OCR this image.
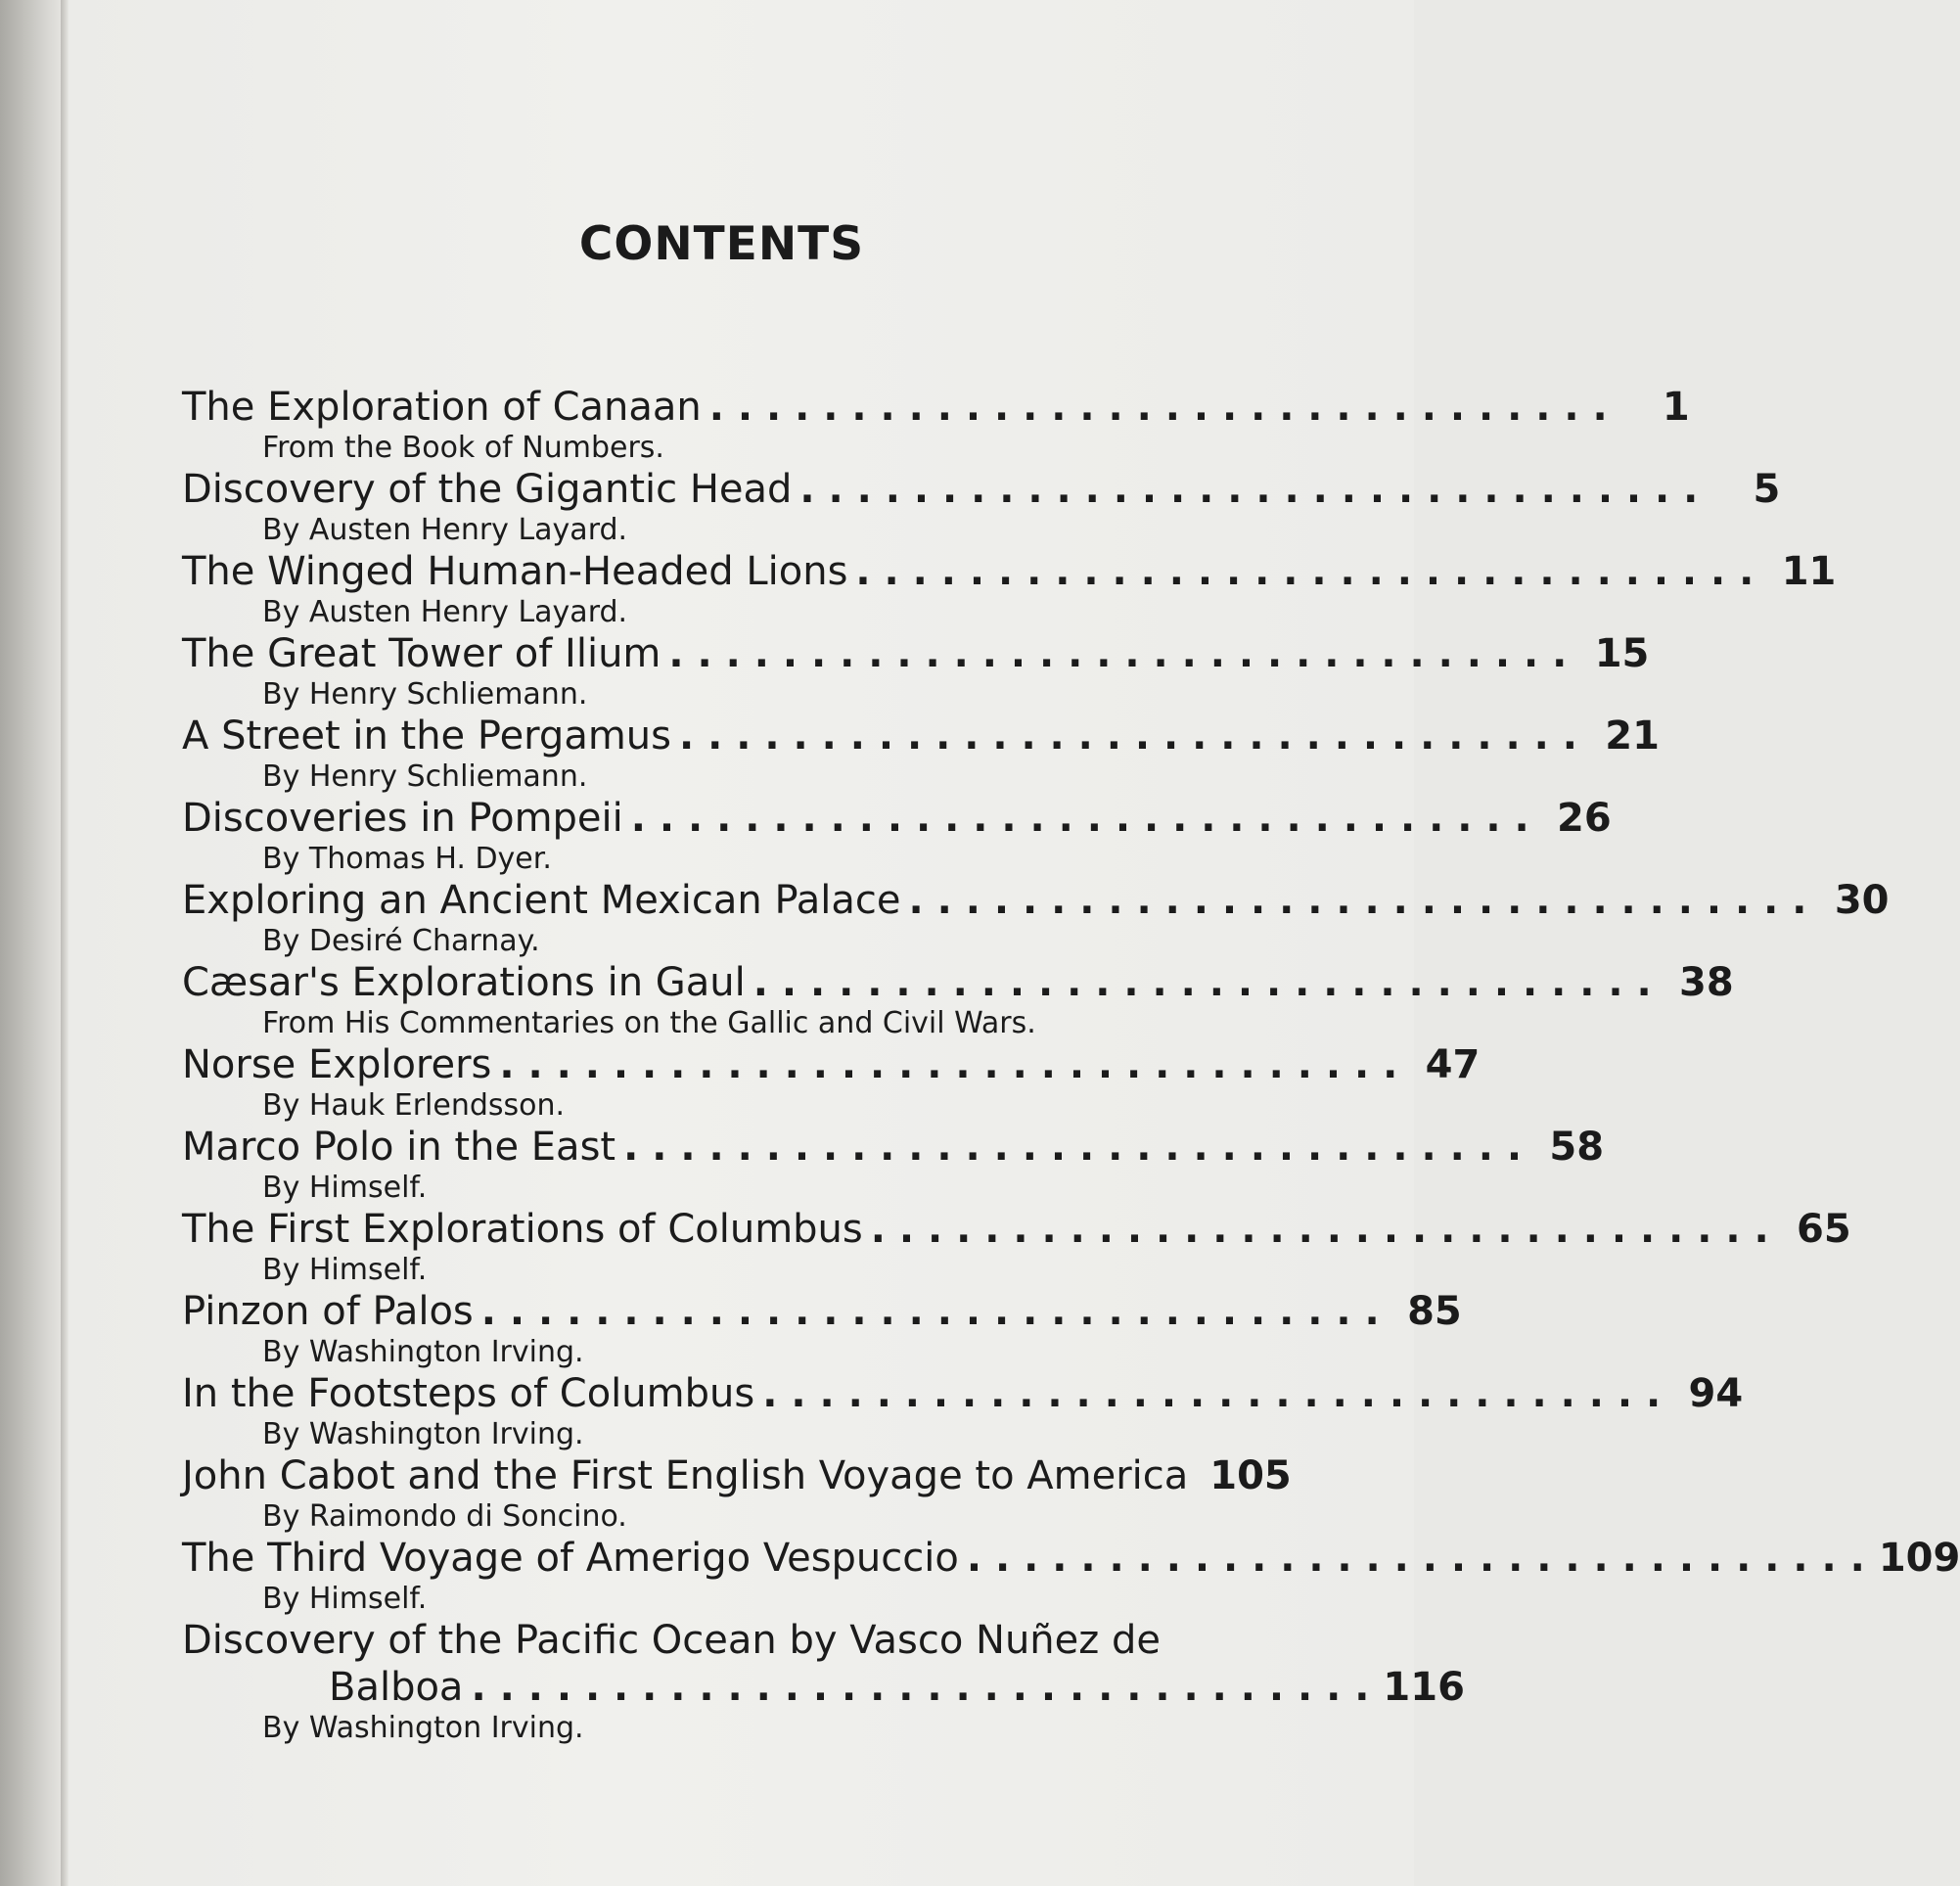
CONTENTS
The Exploration of Canaan . . . . . . . . . . . . . . . . . . . . . . . . . . . . . . . .	1
From the Book of Numbers.
Discovery of the Gigantic Head . . . . . . . . . . . . . . . . . . . . . . . . . . . . . . . .	5
By Austen Henry Layard.
The Winged Human-Headed Lions . . . . . . . . . . . . . . . . . . . . . . . . . . . . . . . . 11
By Austen Henry Layard.
The Great Tower of Ilium . . . . . . . . . . . . . . . . . . . . . . . . . . . . . . . . 15
By Henry Schliemann.
A Street in the Pergamus . . . . . . . . . . . . . . . . . . . . . . . . . . . . . . . . 21
By Henry Schliemann.
Discoveries in Pompeii . . . . . . . . . . . . . . . . . . . . . . . . . . . . . . . . 26
By Thomas H. Dyer.
Exploring an Ancient Mexican Palace . . . . . . . . . . . . . . . . . . . . . . . . . . . . . . . . 30
By Desiré Charnay.
Cæsar's Explorations in Gaul . . . . . . . . . . . . . . . . . . . . . . . . . . . . . . . . 38
From His Commentaries on the Gallic and Civil Wars.
Norse Explorers . . . . . . . . . . . . . . . . . . . . . . . . . . . . . . . . 47
By Hauk Erlendsson.
Marco Polo in the East . . . . . . . . . . . . . . . . . . . . . . . . . . . . . . . . 58
By Himself.
The First Explorations of Columbus . . . . . . . . . . . . . . . . . . . . . . . . . . . . . . . . 65
By Himself.
Pinzon of Palos . . . . . . . . . . . . . . . . . . . . . . . . . . . . . . . . 85
By Washington Irving.
In the Footsteps of Columbus . . . . . . . . . . . . . . . . . . . . . . . . . . . . . . . . 94
By Washington Irving.
John Cabot and the First English Voyage to America 105
By Raimondo di Soncino.
The Third Voyage of Amerigo Vespuccio . . . . . . . . . . . . . . . . . . . . . . . . . . . . . . . . 109
By Himself.
Discovery of the Pacific Ocean by Vasco Nuñez de
Balboa . . . . . . . . . . . . . . . . . . . . . . . . . . . . . . . . 116
By Washington Irving.
